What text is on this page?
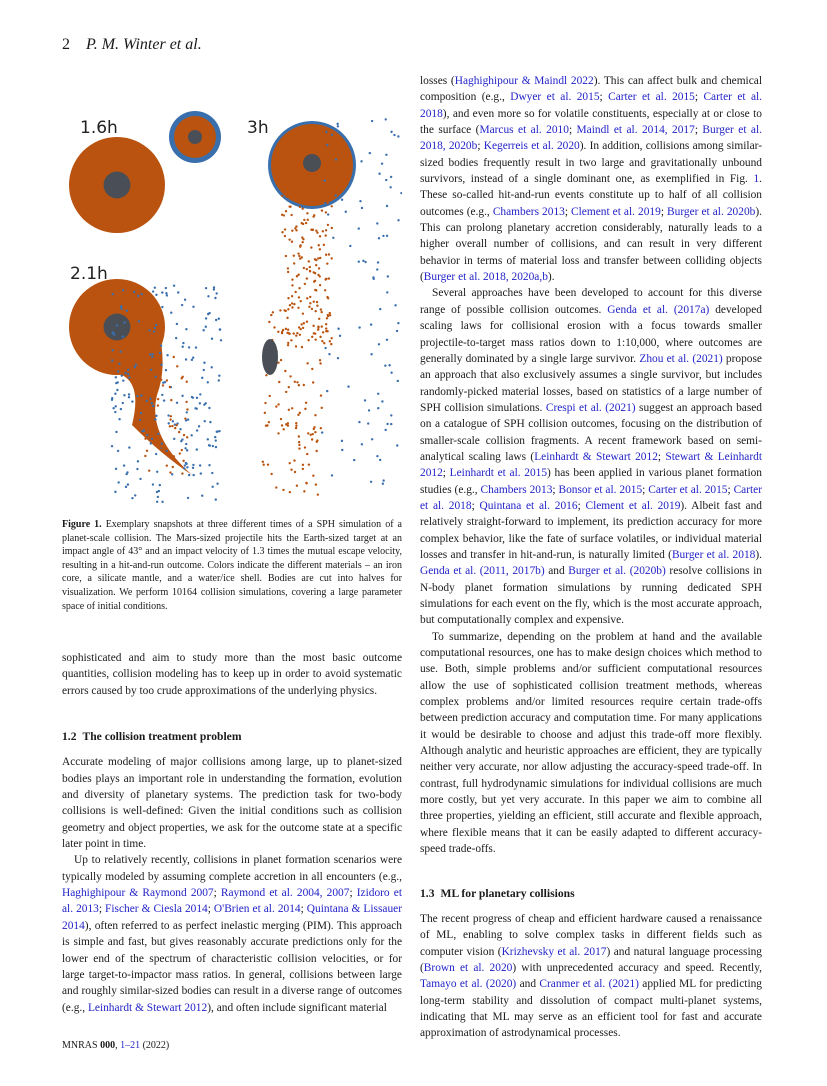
2 P. M. Winter et al.
1.6h	3h
2.1h
Figure 1. Exemplary snapshots at three different times of a SPH simulation of a planet-scale collision. The Mars-sized projectile hits the Earth-sized target at an impact angle of 43° and an impact velocity of 1.3 times the mutual escape velocity, resulting in a hit-and-run outcome. Colors indicate the different materials – an iron core, a silicate mantle, and a water/ice shell. Bodies are cut into halves for visualization. We perform 10164 collision simulations, covering a large parameter space of initial conditions.

sophisticated and aim to study more than the most basic outcome quantities, collision modeling has to keep up in order to avoid systematic errors caused by too crude approximations of the underlying physics.

1.2 The collision treatment problem

Accurate modeling of major collisions among large, up to planet-sized bodies plays an important role in understanding the formation, evolution and diversity of planetary systems. The prediction task for two-body collisions is well-defined: Given the initial conditions such as collision geometry and object properties, we ask for the outcome state at a specific later point in time.

Up to relatively recently, collisions in planet formation scenarios were typically modeled by assuming complete accretion in all encounters (e.g., Haghighipour & Raymond 2007; Raymond et al. 2004, 2007; Izidoro et al. 2013; Fischer & Ciesla 2014; O'Brien et al. 2014; Quintana & Lissauer 2014), often referred to as perfect inelastic merging (PIM). This approach is simple and fast, but gives reasonably accurate predictions only for the lower end of the spectrum of characteristic collision velocities, or for large target-to-impactor mass ratios. In general, collisions between large and roughly similar-sized bodies can result in a diverse range of outcomes (e.g., Leinhardt & Stewart 2012), and often include significant material

losses (Haghighipour & Maindl 2022). This can affect bulk and chemical composition (e.g., Dwyer et al. 2015; Carter et al. 2015; Carter et al. 2018), and even more so for volatile constituents, especially at or close to the surface (Marcus et al. 2010; Maindl et al. 2014, 2017; Burger et al. 2018, 2020b; Kegerreis et al. 2020). In addition, collisions among similar-sized bodies frequently result in two large and gravitationally unbound survivors, instead of a single dominant one, as exemplified in Fig. 1. These so-called hit-and-run events constitute up to half of all collision outcomes (e.g., Chambers 2013; Clement et al. 2019; Burger et al. 2020b). This can prolong planetary accretion considerably, naturally leads to a higher overall number of collisions, and can result in very different behavior in terms of material loss and transfer between colliding objects (Burger et al. 2018, 2020a,b).

Several approaches have been developed to account for this diverse range of possible collision outcomes. Genda et al. (2017a) developed scaling laws for collisional erosion with a focus towards smaller projectile-to-target mass ratios down to 1:10,000, where outcomes are generally dominated by a single large survivor. Zhou et al. (2021) propose an approach that also exclusively assumes a single survivor, but includes randomly-picked material losses, based on statistics of a large number of SPH collision simulations. Crespi et al. (2021) suggest an approach based on a catalogue of SPH collision outcomes, focusing on the distribution of smaller-scale collision fragments. A recent framework based on semi-analytical scaling laws (Leinhardt & Stewart 2012; Stewart & Leinhardt 2012; Leinhardt et al. 2015) has been applied in various planet formation studies (e.g., Chambers 2013; Bonsor et al. 2015; Carter et al. 2015; Carter et al. 2018; Quintana et al. 2016; Clement et al. 2019). Albeit fast and relatively straight-forward to implement, its prediction accuracy for more complex behavior, like the fate of surface volatiles, or individual material losses and transfer in hit-and-run, is naturally limited (Burger et al. 2018). Genda et al. (2011, 2017b) and Burger et al. (2020b) resolve collisions in N-body planet formation simulations by running dedicated SPH simulations for each event on the fly, which is the most accurate approach, but computationally complex and expensive.

To summarize, depending on the problem at hand and the available computational resources, one has to make design choices which method to use. Both, simple problems and/or sufficient computational resources allow the use of sophisticated collision treatment methods, whereas complex problems and/or limited resources require certain trade-offs between prediction accuracy and computation time. For many applications it would be desirable to choose and adjust this trade-off more flexibly. Although analytic and heuristic approaches are efficient, they are typically neither very accurate, nor allow adjusting the accuracy-speed trade-off. In contrast, full hydrodynamic simulations for individual collisions are much more costly, but yet very accurate. In this paper we aim to combine all three properties, yielding an efficient, still accurate and flexible approach, where flexible means that it can be easily adapted to different accuracy-speed trade-offs.

1.3 ML for planetary collisions

The recent progress of cheap and efficient hardware caused a renaissance of ML, enabling to solve complex tasks in different fields such as computer vision (Krizhevsky et al. 2017) and natural language processing (Brown et al. 2020) with unprecedented accuracy and speed. Recently, Tamayo et al. (2020) and Cranmer et al. (2021) applied ML for predicting long-term stability and dissolution of compact multi-planet systems, indicating that ML may serve as an efficient tool for fast and accurate approximation of astrodynamical processes.

MNRAS 000, 1–21 (2022)
